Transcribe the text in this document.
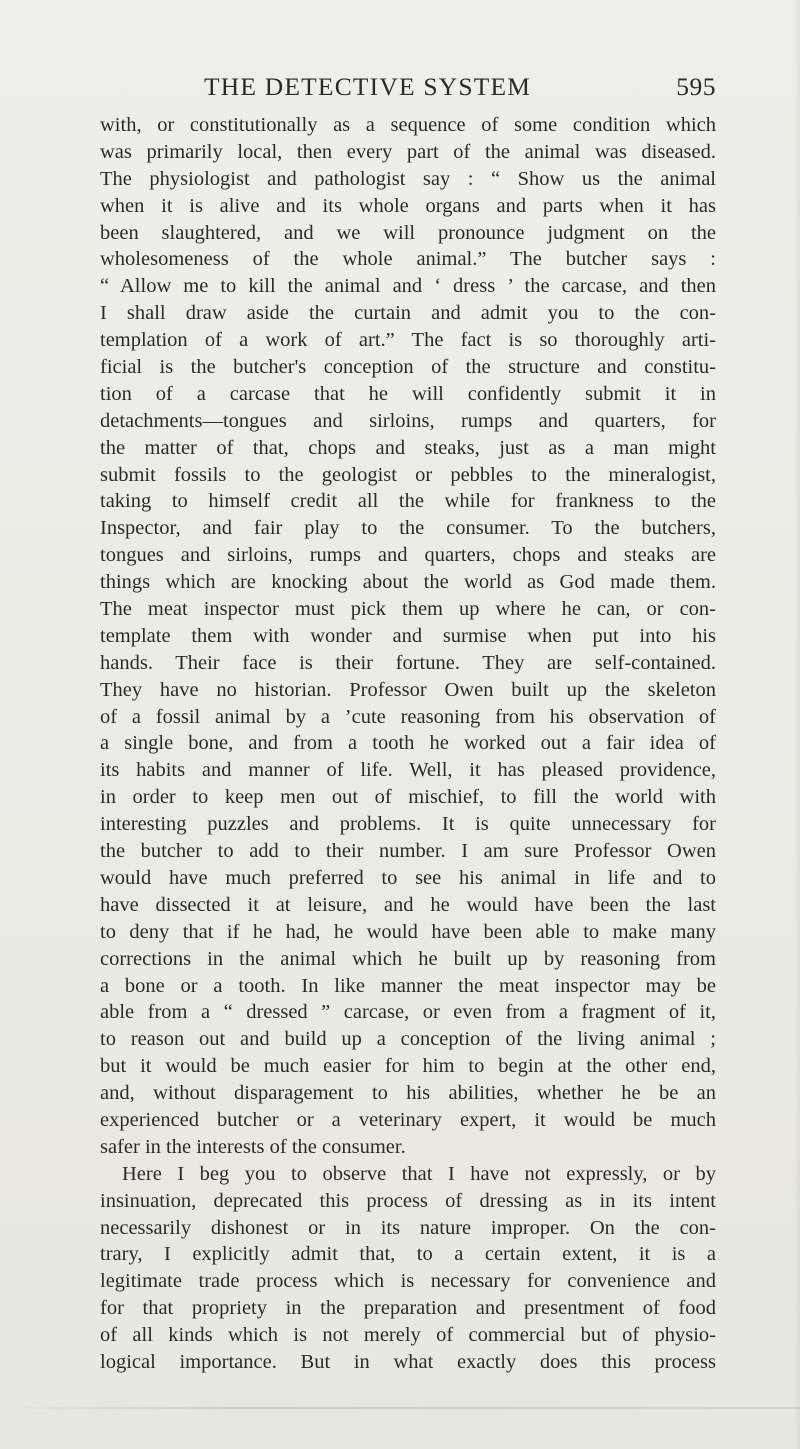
THE DETECTIVE SYSTEM	595
with, or constitutionally as a sequence of some condition which
was primarily local, then every part of the animal was diseased.
The physiologist and pathologist say : “ Show us the animal
when it is alive and its whole organs and parts when it has
been slaughtered, and we will pronounce judgment on the
wholesomeness of the whole animal.” The butcher says :
“ Allow me to kill the animal and ‘ dress ’ the carcase, and then
I shall draw aside the curtain and admit you to the con-
templation of a work of art.” The fact is so thoroughly arti-
ficial is the butcher's conception of the structure and constitu-
tion of a carcase that he will confidently submit it in
detachments—tongues and sirloins, rumps and quarters, for
the matter of that, chops and steaks, just as a man might
submit fossils to the geologist or pebbles to the mineralogist,
taking to himself credit all the while for frankness to the
Inspector, and fair play to the consumer. To the butchers,
tongues and sirloins, rumps and quarters, chops and steaks are
things which are knocking about the world as God made them.
The meat inspector must pick them up where he can, or con-
template them with wonder and surmise when put into his
hands. Their face is their fortune. They are self-contained.
They have no historian. Professor Owen built up the skeleton
of a fossil animal by a ’cute reasoning from his observation of
a single bone, and from a tooth he worked out a fair idea of
its habits and manner of life. Well, it has pleased providence,
in order to keep men out of mischief, to fill the world with
interesting puzzles and problems. It is quite unnecessary for
the butcher to add to their number. I am sure Professor Owen
would have much preferred to see his animal in life and to
have dissected it at leisure, and he would have been the last
to deny that if he had, he would have been able to make many
corrections in the animal which he built up by reasoning from
a bone or a tooth. In like manner the meat inspector may be
able from a “ dressed ” carcase, or even from a fragment of it,
to reason out and build up a conception of the living animal ;
but it would be much easier for him to begin at the other end,
and, without disparagement to his abilities, whether he be an
experienced butcher or a veterinary expert, it would be much
safer in the interests of the consumer.
Here I beg you to observe that I have not expressly, or by
insinuation, deprecated this process of dressing as in its intent
necessarily dishonest or in its nature improper. On the con-
trary, I explicitly admit that, to a certain extent, it is a
legitimate trade process which is necessary for convenience and
for that propriety in the preparation and presentment of food
of all kinds which is not merely of commercial but of physio-
logical importance. But in what exactly does this process
